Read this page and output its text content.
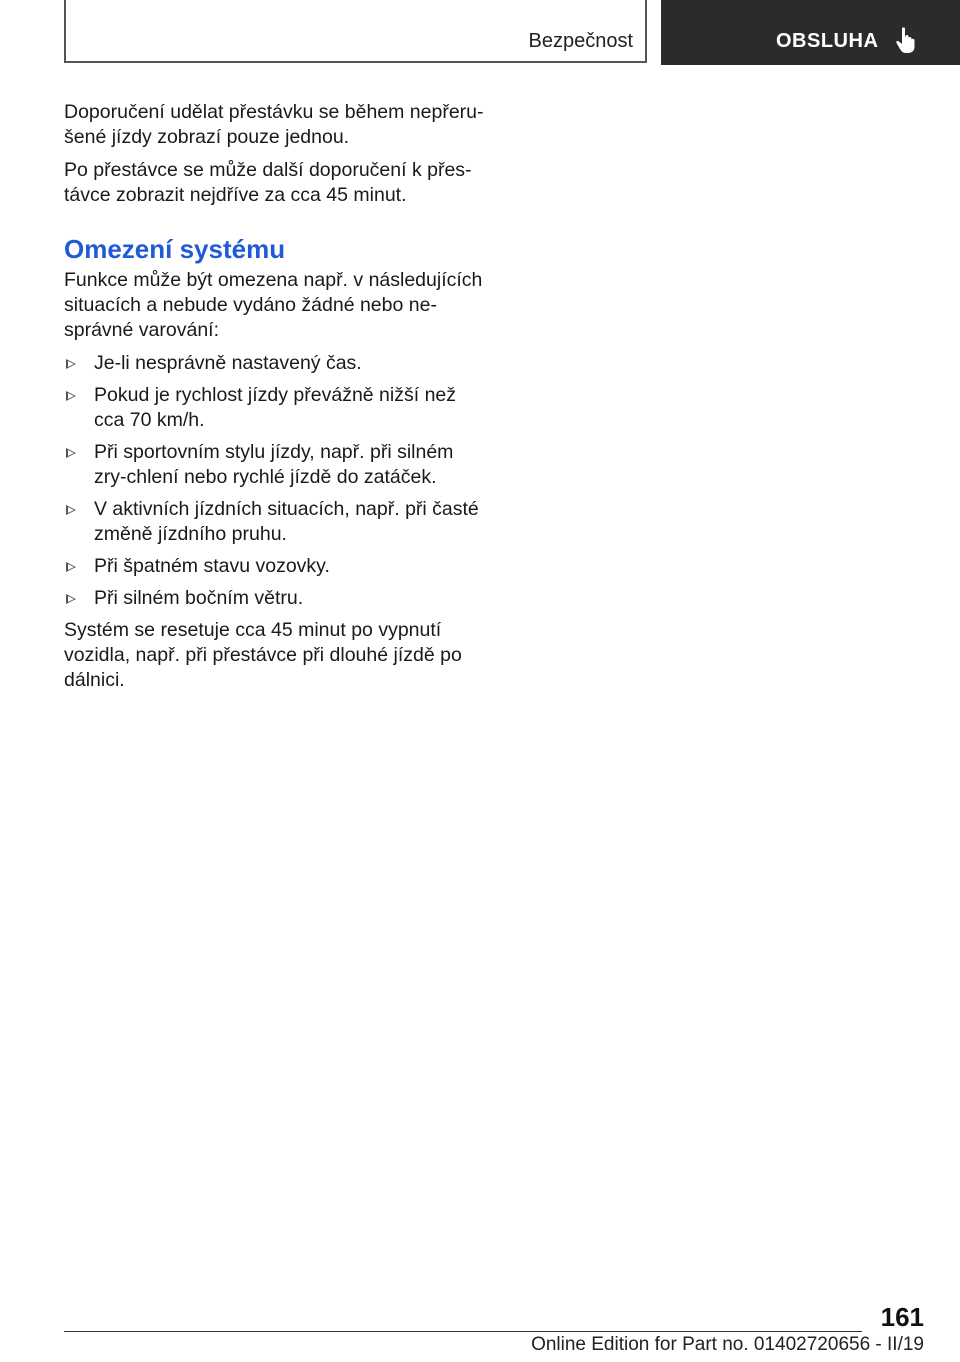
Bezpečnost	OBSLUHA

Doporučení udělat přestávku se během nepřeru-šené jízdy zobrazí pouze jednou.

Po přestávce se může další doporučení k přes-távce zobrazit nejdříve za cca 45 minut.

Omezení systému

Funkce může být omezena např. v následujících situacích a nebude vydáno žádné nebo ne-správné varování:

Je-li nesprávně nastavený čas.
Pokud je rychlost jízdy převážně nižší než cca 70 km/h.
Při sportovním stylu jízdy, např. při silném zry-chlení nebo rychlé jízdě do zatáček.
V aktivních jízdních situacích, např. při časté změně jízdního pruhu.
Při špatném stavu vozovky.
Při silném bočním větru.

Systém se resetuje cca 45 minut po vypnutí vozidla, např. při přestávce při dlouhé jízdě po dálnici.

161
Online Edition for Part no. 01402720656 - II/19
